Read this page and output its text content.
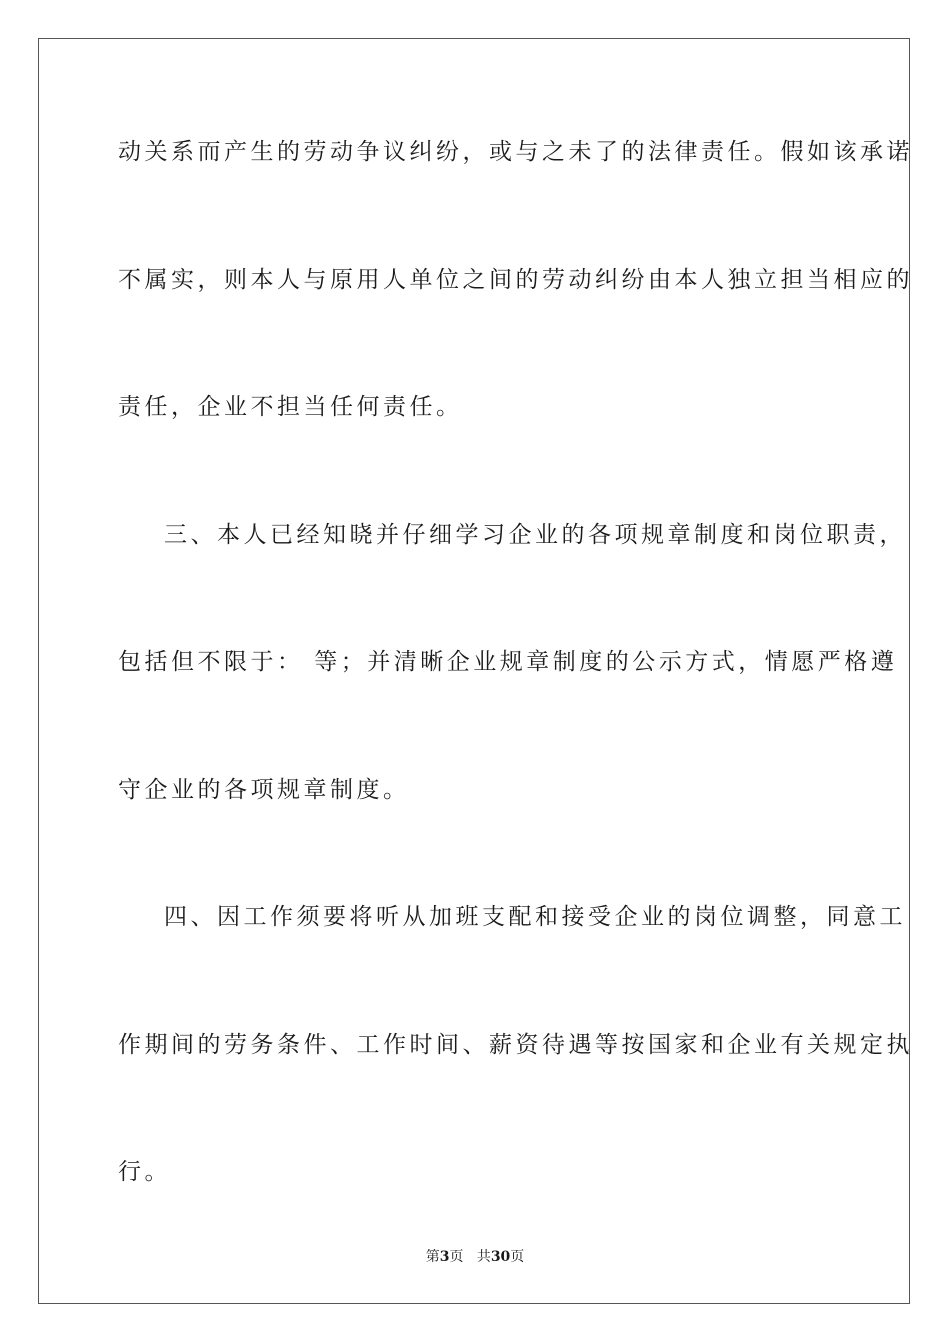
动关系而产生的劳动争议纠纷，或与之未了的法律责任。假如该承诺
不属实，则本人与原用人单位之间的劳动纠纷由本人独立担当相应的
责任，企业不担当任何责任。
三、本人已经知晓并仔细学习企业的各项规章制度和岗位职责，
包括但不限于： 等；并清晰企业规章制度的公示方式，情愿严格遵
守企业的各项规章制度。
四、因工作须要将听从加班支配和接受企业的岗位调整，同意工
作期间的劳务条件、工作时间、薪资待遇等按国家和企业有关规定执
行。
第3页 共30页
